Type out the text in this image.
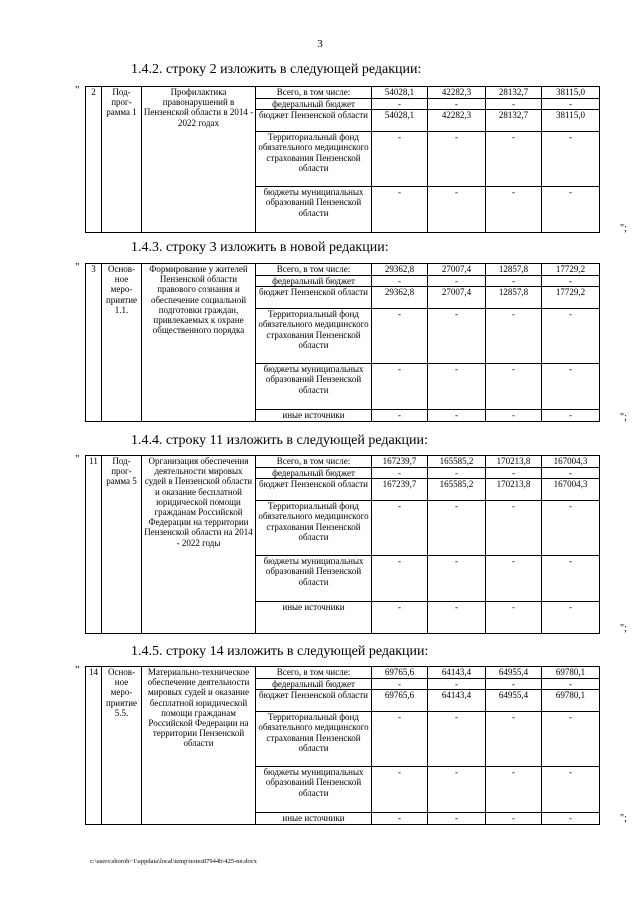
3
1.4.2. строку 2 изложить в следующей редакции:
" 2	Под-прог-рамма 1	Профилактика правонарушений в Пензенской области в 2014 - 2022 годах	Всего, в том числе:	54028,1	42282,3	28132,7	38115,0
			федеральный бюджет	-	-	-	-
			бюджет Пензенской области	54028,1	42282,3	28132,7	38115,0
			Территориальный фонд обязательного медицинского страхования Пензенской области	-	-	-	-
			бюджеты муниципальных образований Пензенской области	-	-	-	-
";
1.4.3. строку 3 изложить в новой редакции:
" 3	Основ-ное меро-приятие 1.1.	Формирование у жителей Пензенской области правового сознания и обеспечение социальной подготовки граждан, привлекаемых к охране общественного порядка	Всего, в том числе:	29362,8	27007,4	12857,8	17729,2
			федеральный бюджет	-	-	-	-
			бюджет Пензенской области	29362,8	27007,4	12857,8	17729,2
			Территориальный фонд обязательного медицинского страхования Пензенской области	-	-	-	-
			бюджеты муниципальных образований Пензенской области	-	-	-	-
			иные источники	-	-	-	-	";
1.4.4. строку 11 изложить в следующей редакции:
" 11	Под-прог-рамма 5	Организация обеспечения деятельности мировых судей в Пензенской области и оказание бесплатной юридической помощи гражданам Российской Федерации на территории Пензенской области на 2014 - 2022 годы	Всего, в том числе:	167239,7	165585,2	170213,8	167004,3
			федеральный бюджет	-	-	-	-
			бюджет Пензенской области	167239,7	165585,2	170213,8	167004,3
			Территориальный фонд обязательного медицинского страхования Пензенской области	-	-	-	-
			бюджеты муниципальных образований Пензенской области	-	-	-	-
			иные источники	-	-	-	-
";
1.4.5. строку 14 изложить в следующей редакции:
" 14	Основ-ное меро-приятие 5.5.	Материально-техническое обеспечение деятельности мировых судей и оказание бесплатной юридической помощи гражданам Российской Федерации на территории Пензенской области	Всего, в том числе:	69765,6	64143,4	64955,4	69780,1
			федеральный бюджет	-	-	-	-
			бюджет Пензенской области	69765,6	64143,4	64955,4	69780,1
			Территориальный фонд обязательного медицинского страхования Пензенской области	-	-	-	-
			бюджеты муниципальных образований Пензенской области	-	-	-	-
			иные источники	-	-	-	-	";
c:\users\shoroh~1\appdata\local\temp\notes87944b\425-nn.docx
